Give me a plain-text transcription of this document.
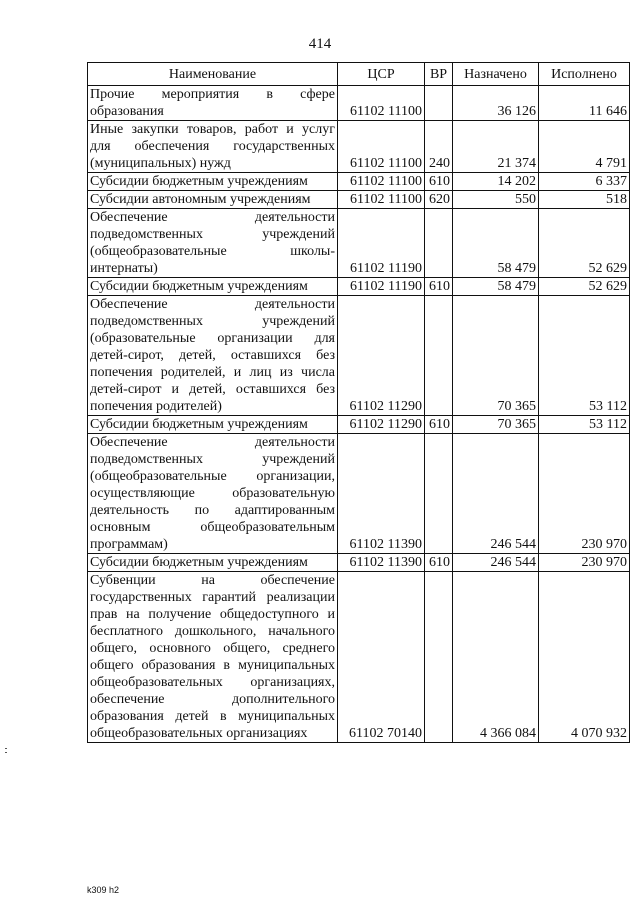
414
Наименование	ЦСР	ВР	Назначено	Исполнено
Прочие мероприятия в сфере образования	61102 11100		36 126	11 646
Иные закупки товаров, работ и услуг для обеспечения государственных (муниципальных) нужд	61102 11100	240	21 374	4 791
Субсидии бюджетным учреждениям	61102 11100	610	14 202	6 337
Субсидии автономным учреждениям	61102 11100	620	550	518
Обеспечение деятельности подведомственных учреждений (общеобразовательные школы-интернаты)	61102 11190		58 479	52 629
Субсидии бюджетным учреждениям	61102 11190	610	58 479	52 629
Обеспечение деятельности подведомственных учреждений (образовательные организации для детей-сирот, детей, оставшихся без попечения родителей, и лиц из числа детей-сирот и детей, оставшихся без попечения родителей)	61102 11290		70 365	53 112
Субсидии бюджетным учреждениям	61102 11290	610	70 365	53 112
Обеспечение деятельности подведомственных учреждений (общеобразовательные организации, осуществляющие образовательную деятельность по адаптированным основным общеобразовательным программам)	61102 11390		246 544	230 970
Субсидии бюджетным учреждениям	61102 11390	610	246 544	230 970
Субвенции на обеспечение государственных гарантий реализации прав на получение общедоступного и бесплатного дошкольного, начального общего, основного общего, среднего общего образования в муниципальных общеобразовательных организациях, обеспечение дополнительного образования детей в муниципальных общеобразовательных организациях	61102 70140		4 366 084	4 070 932
k309 h2
